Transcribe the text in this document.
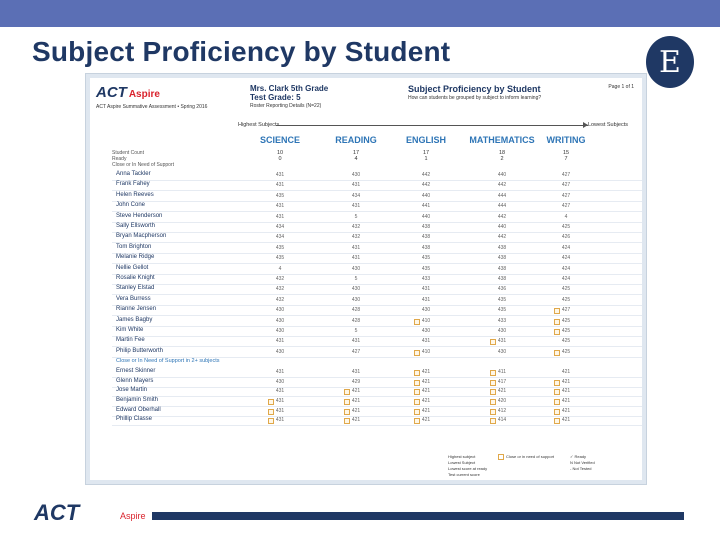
Subject Proficiency by Student	E
ACT Aspire
ACT Aspire Summative Assessment • Spring 2016
Mrs. Clark 5th Grade
Test Grade: 5
Roster Reporting Details (N=22)
Subject Proficiency by Student
How can students be grouped by subject to inform learning?
Page 1 of 1
Highest Subjects	Lowest Subjects
SCIENCE	READING	ENGLISH	MATHEMATICS WRITING
Student Count	10	17	17	18	15
Ready	0	4	1	2	7
Close or In Need of Support
Anna Tackler	431	430	442	440	427
Frank Fahey	431	431	442	442	427
Helen Reeves	435	434	440	444	427
John Cone	431	431	441	444	427
Steve Henderson	431	5	440	442	4
Sally Ellsworth	434	432	438	440	425
Bryan Macpherson	434	432	438	442	426
Tom Brighton	435	431	438	438	424
Melanie Ridge	435	431	435	438	424
Nellie Gellot	4	430	435	438	424
Rosalie Knight	432	5	433	438	424
Stanley Elstad	432	430	431	436	425
Vera Burress	432	430	431	435	425
Rianne Jensen	430	428	430	435	427
James Bagby	430	428	410	433	425
Kim White	430	5	430	430	425
Martin Fee	431	431	431	431	425
Philip Butterworth	430	427	410	430	425
Close or In Need of Support in 2+ subjects
Ernest Skinner	431	431	421	411	421
Glenn Mayers	430	429	421	417	421
Jose Martin	431	421	421	421	421
Benjamin Smith	431	421	421	420	421
Edward Oberhall	431	421	421	412	421
Phillip Classe	431	421	421	414	421
Highest subject
Lowest Subject
Lowest score at ready
Test current score
Close or in need of support	✓ Ready
N Not Verified
- Not Tested
ACT	Aspire
